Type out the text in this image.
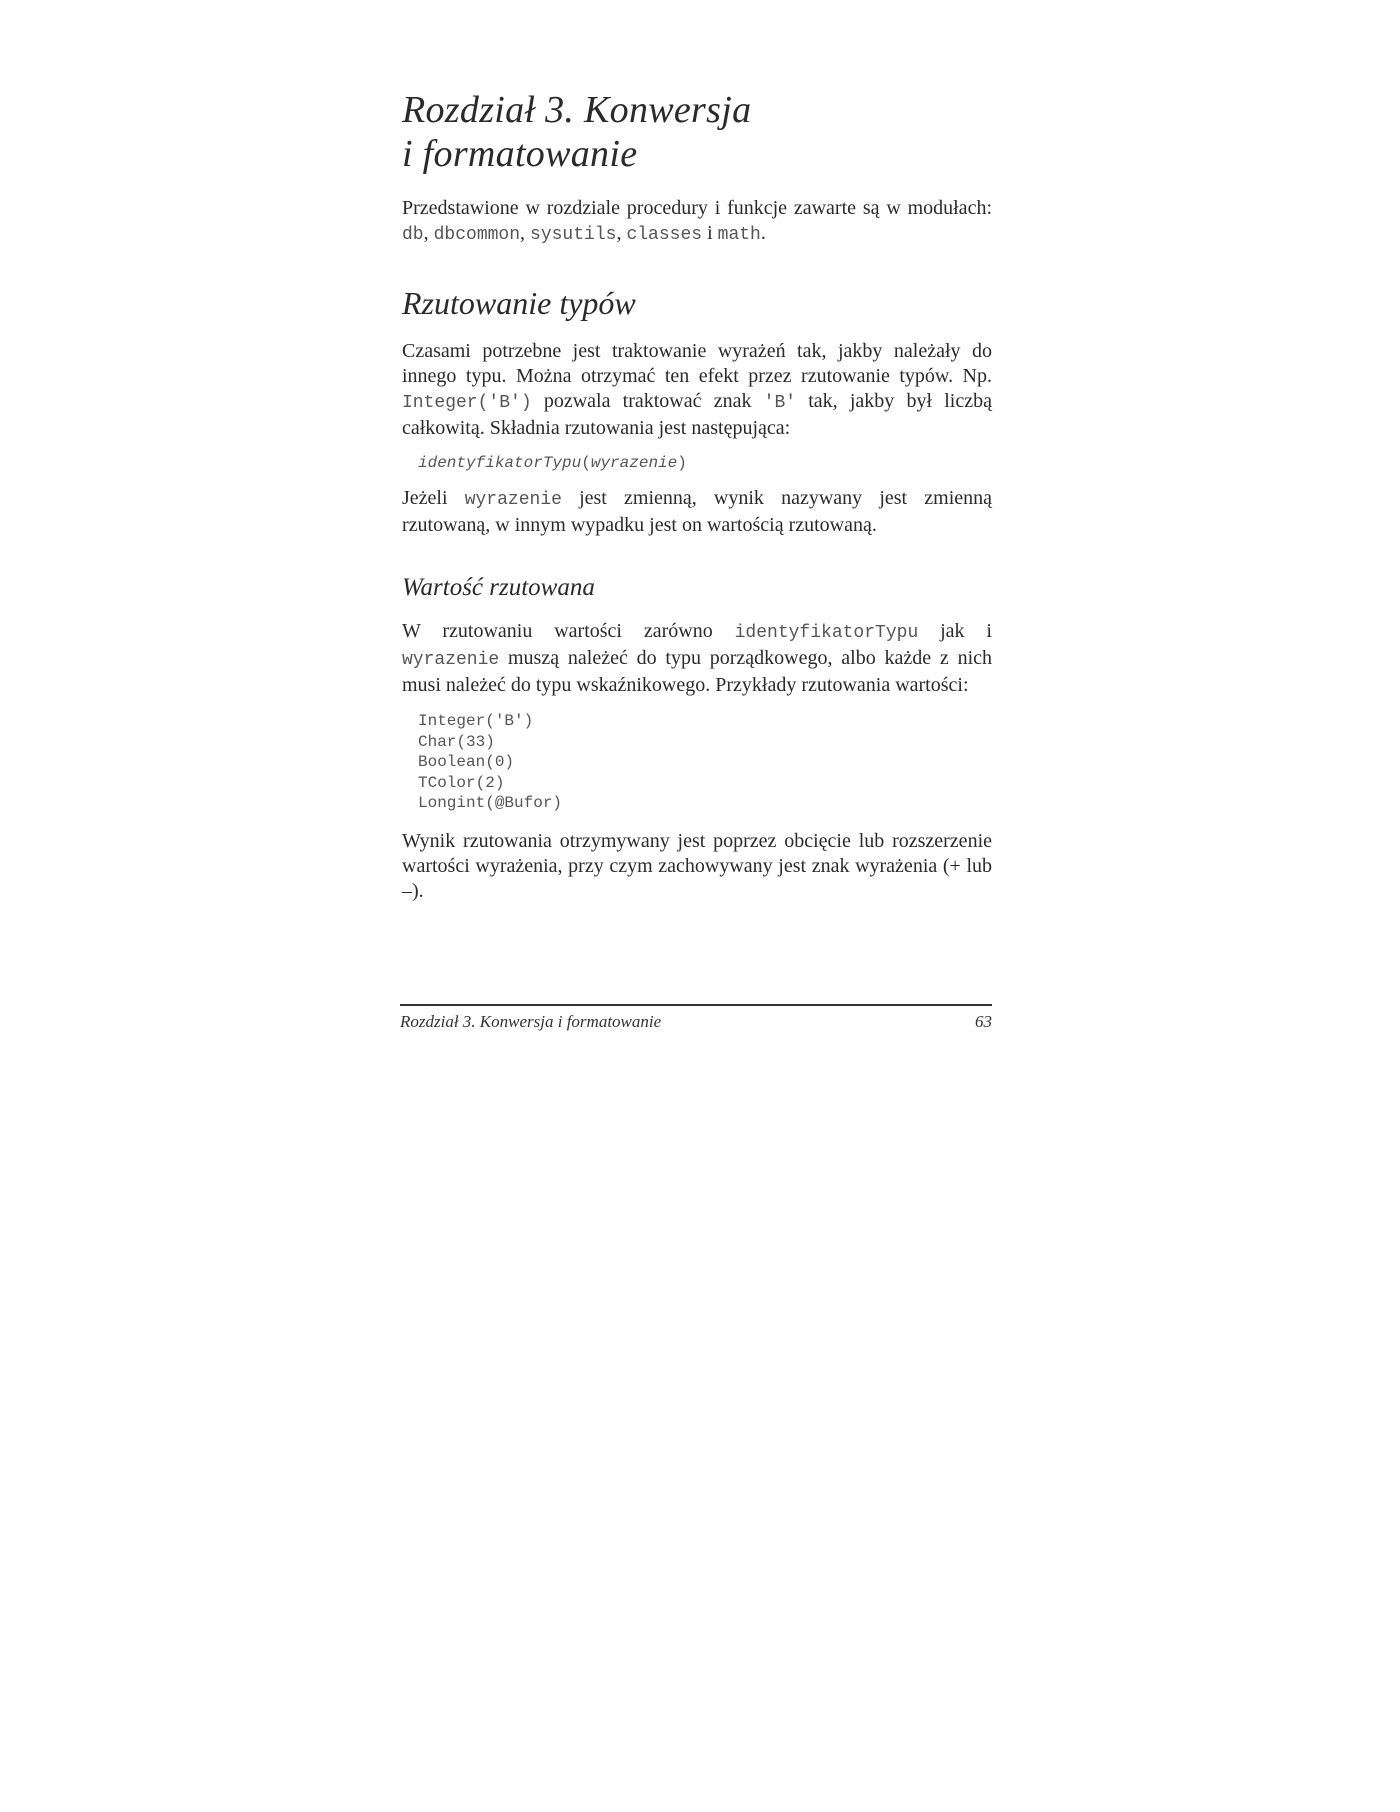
Rozdział 3. Konwersja
i formatowanie

Przedstawione w rozdziale procedury i funkcje zawarte są w modułach: db, dbcommon, sysutils, classes i math.

Rzutowanie typów

Czasami potrzebne jest traktowanie wyrażeń tak, jakby należały do innego typu. Można otrzymać ten efekt przez rzutowanie typów. Np. Integer('B') pozwala traktować znak 'B' tak, jakby był liczbą całkowitą. Składnia rzutowania jest następująca:

identyfikatorTypu(wyrazenie)

Jeżeli wyrazenie jest zmienną, wynik nazywany jest zmienną rzutowaną, w innym wypadku jest on wartością rzutowaną.

Wartość rzutowana

W rzutowaniu wartości zarówno identyfikatorTypu jak i wyrazenie muszą należeć do typu porządkowego, albo każde z nich musi należeć do typu wskaźnikowego. Przykłady rzutowania wartości:

Integer('B')
Char(33)
Boolean(0)
TColor(2)
Longint(@Bufor)

Wynik rzutowania otrzymywany jest poprzez obcięcie lub rozszerzenie wartości wyrażenia, przy czym zachowywany jest znak wyrażenia (+ lub –).

Rozdział 3. Konwersja i formatowanie	63
